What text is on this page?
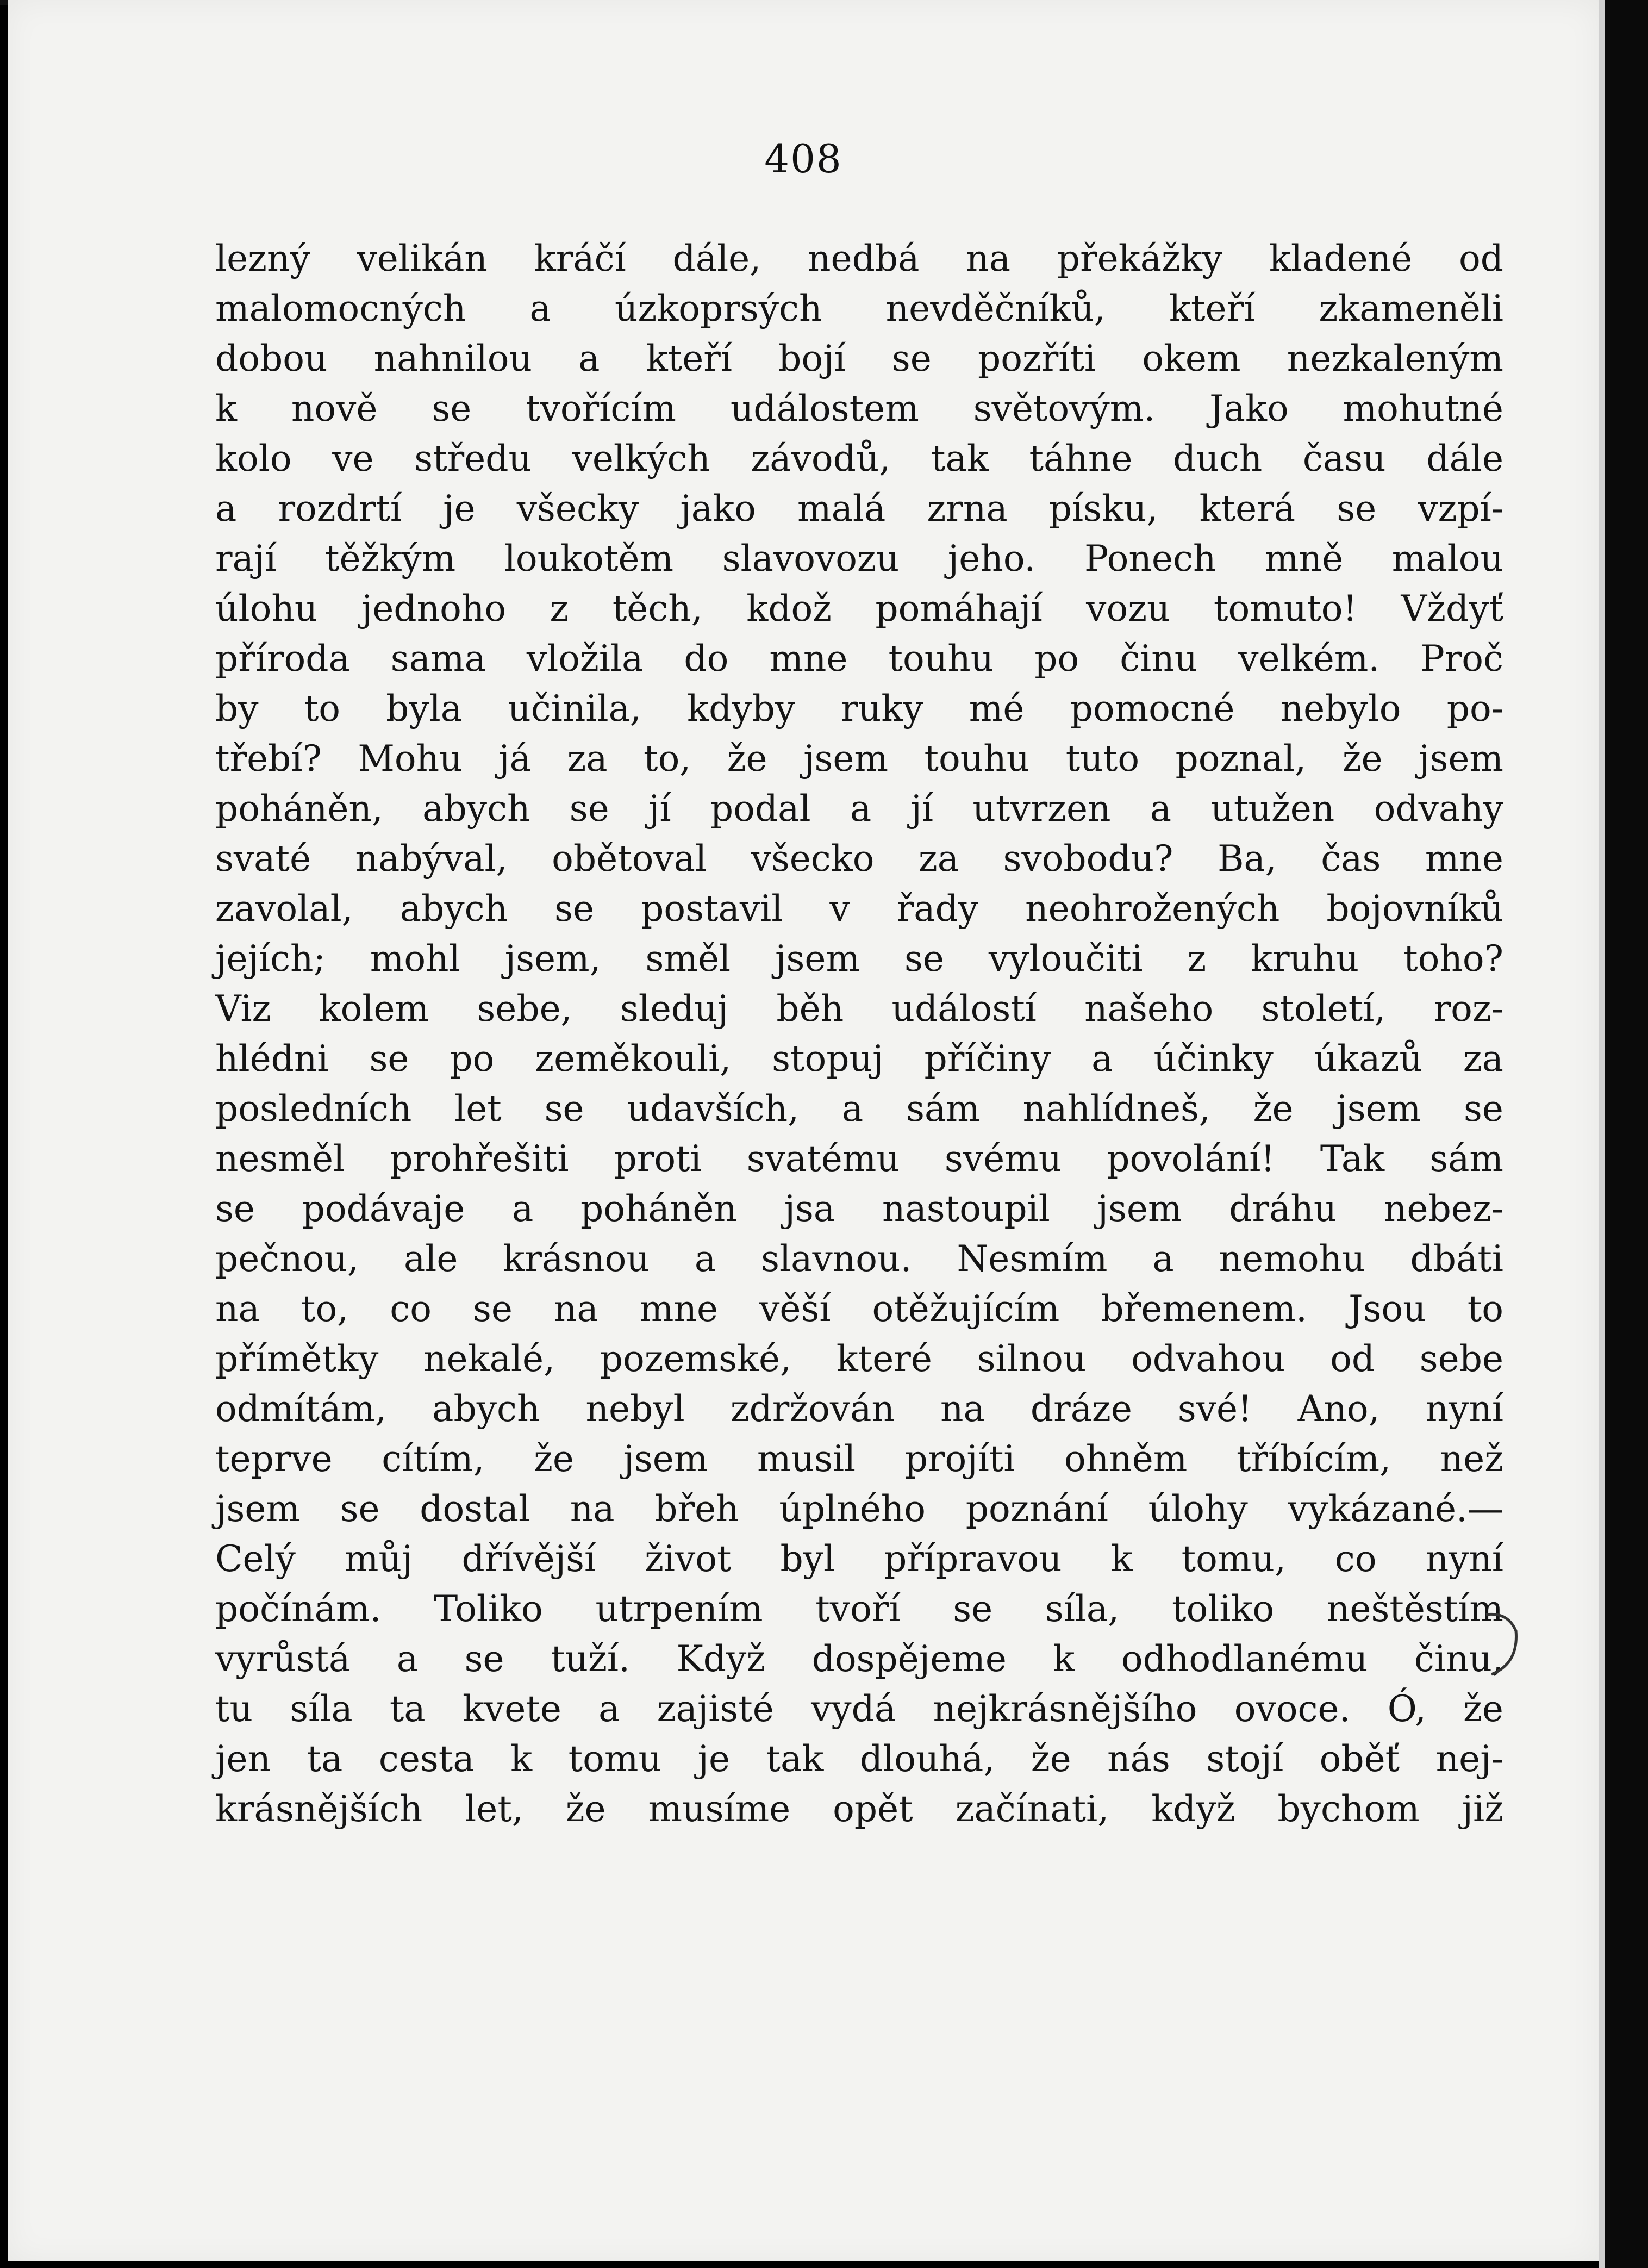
408
lezný velikán kráčí dále, nedbá na překážky kladené od
malomocných a úzkoprsých nevděčníků, kteří zkameněli
dobou nahnilou a kteří bojí se pozříti okem nezkaleným
k nově se tvořícím událostem světovým. Jako mohutné
kolo ve středu velkých závodů, tak táhne duch času dále
a rozdrtí je všecky jako malá zrna písku, která se vzpí-
rají těžkým loukotěm slavovozu jeho. Ponech mně malou
úlohu jednoho z těch, kdož pomáhají vozu tomuto! Vždyť
příroda sama vložila do mne touhu po činu velkém. Proč
by to byla učinila, kdyby ruky mé pomocné nebylo po-
třebí? Mohu já za to, že jsem touhu tuto poznal, že jsem
poháněn, abych se jí podal a jí utvrzen a utužen odvahy
svaté nabýval, obětoval všecko za svobodu? Ba, čas mne
zavolal, abych se postavil v řady neohrožených bojovníků
jejích; mohl jsem, směl jsem se vyloučiti z kruhu toho?
Viz kolem sebe, sleduj běh událostí našeho století, roz-
hlédni se po zeměkouli, stopuj příčiny a účinky úkazů za
posledních let se udavších, a sám nahlídneš, že jsem se
nesměl prohřešiti proti svatému svému povolání! Tak sám
se podávaje a poháněn jsa nastoupil jsem dráhu nebez-
pečnou, ale krásnou a slavnou. Nesmím a nemohu dbáti
na to, co se na mne věší otěžujícím břemenem. Jsou to
přímětky nekalé, pozemské, které silnou odvahou od sebe
odmítám, abych nebyl zdržován na dráze své! Ano, nyní
teprve cítím, že jsem musil projíti ohněm tříbícím, než
jsem se dostal na břeh úplného poznání úlohy vykázané.—
Celý můj dřívější život byl přípravou k tomu, co nyní
počínám. Toliko utrpením tvoří se síla, toliko neštěstím
vyrůstá a se tuží. Když dospějeme k odhodlanému činu,
tu síla ta kvete a zajisté vydá nejkrásnějšího ovoce. Ó, že
jen ta cesta k tomu je tak dlouhá, že nás stojí oběť nej-
krásnějších let, že musíme opět začínati, když bychom již
